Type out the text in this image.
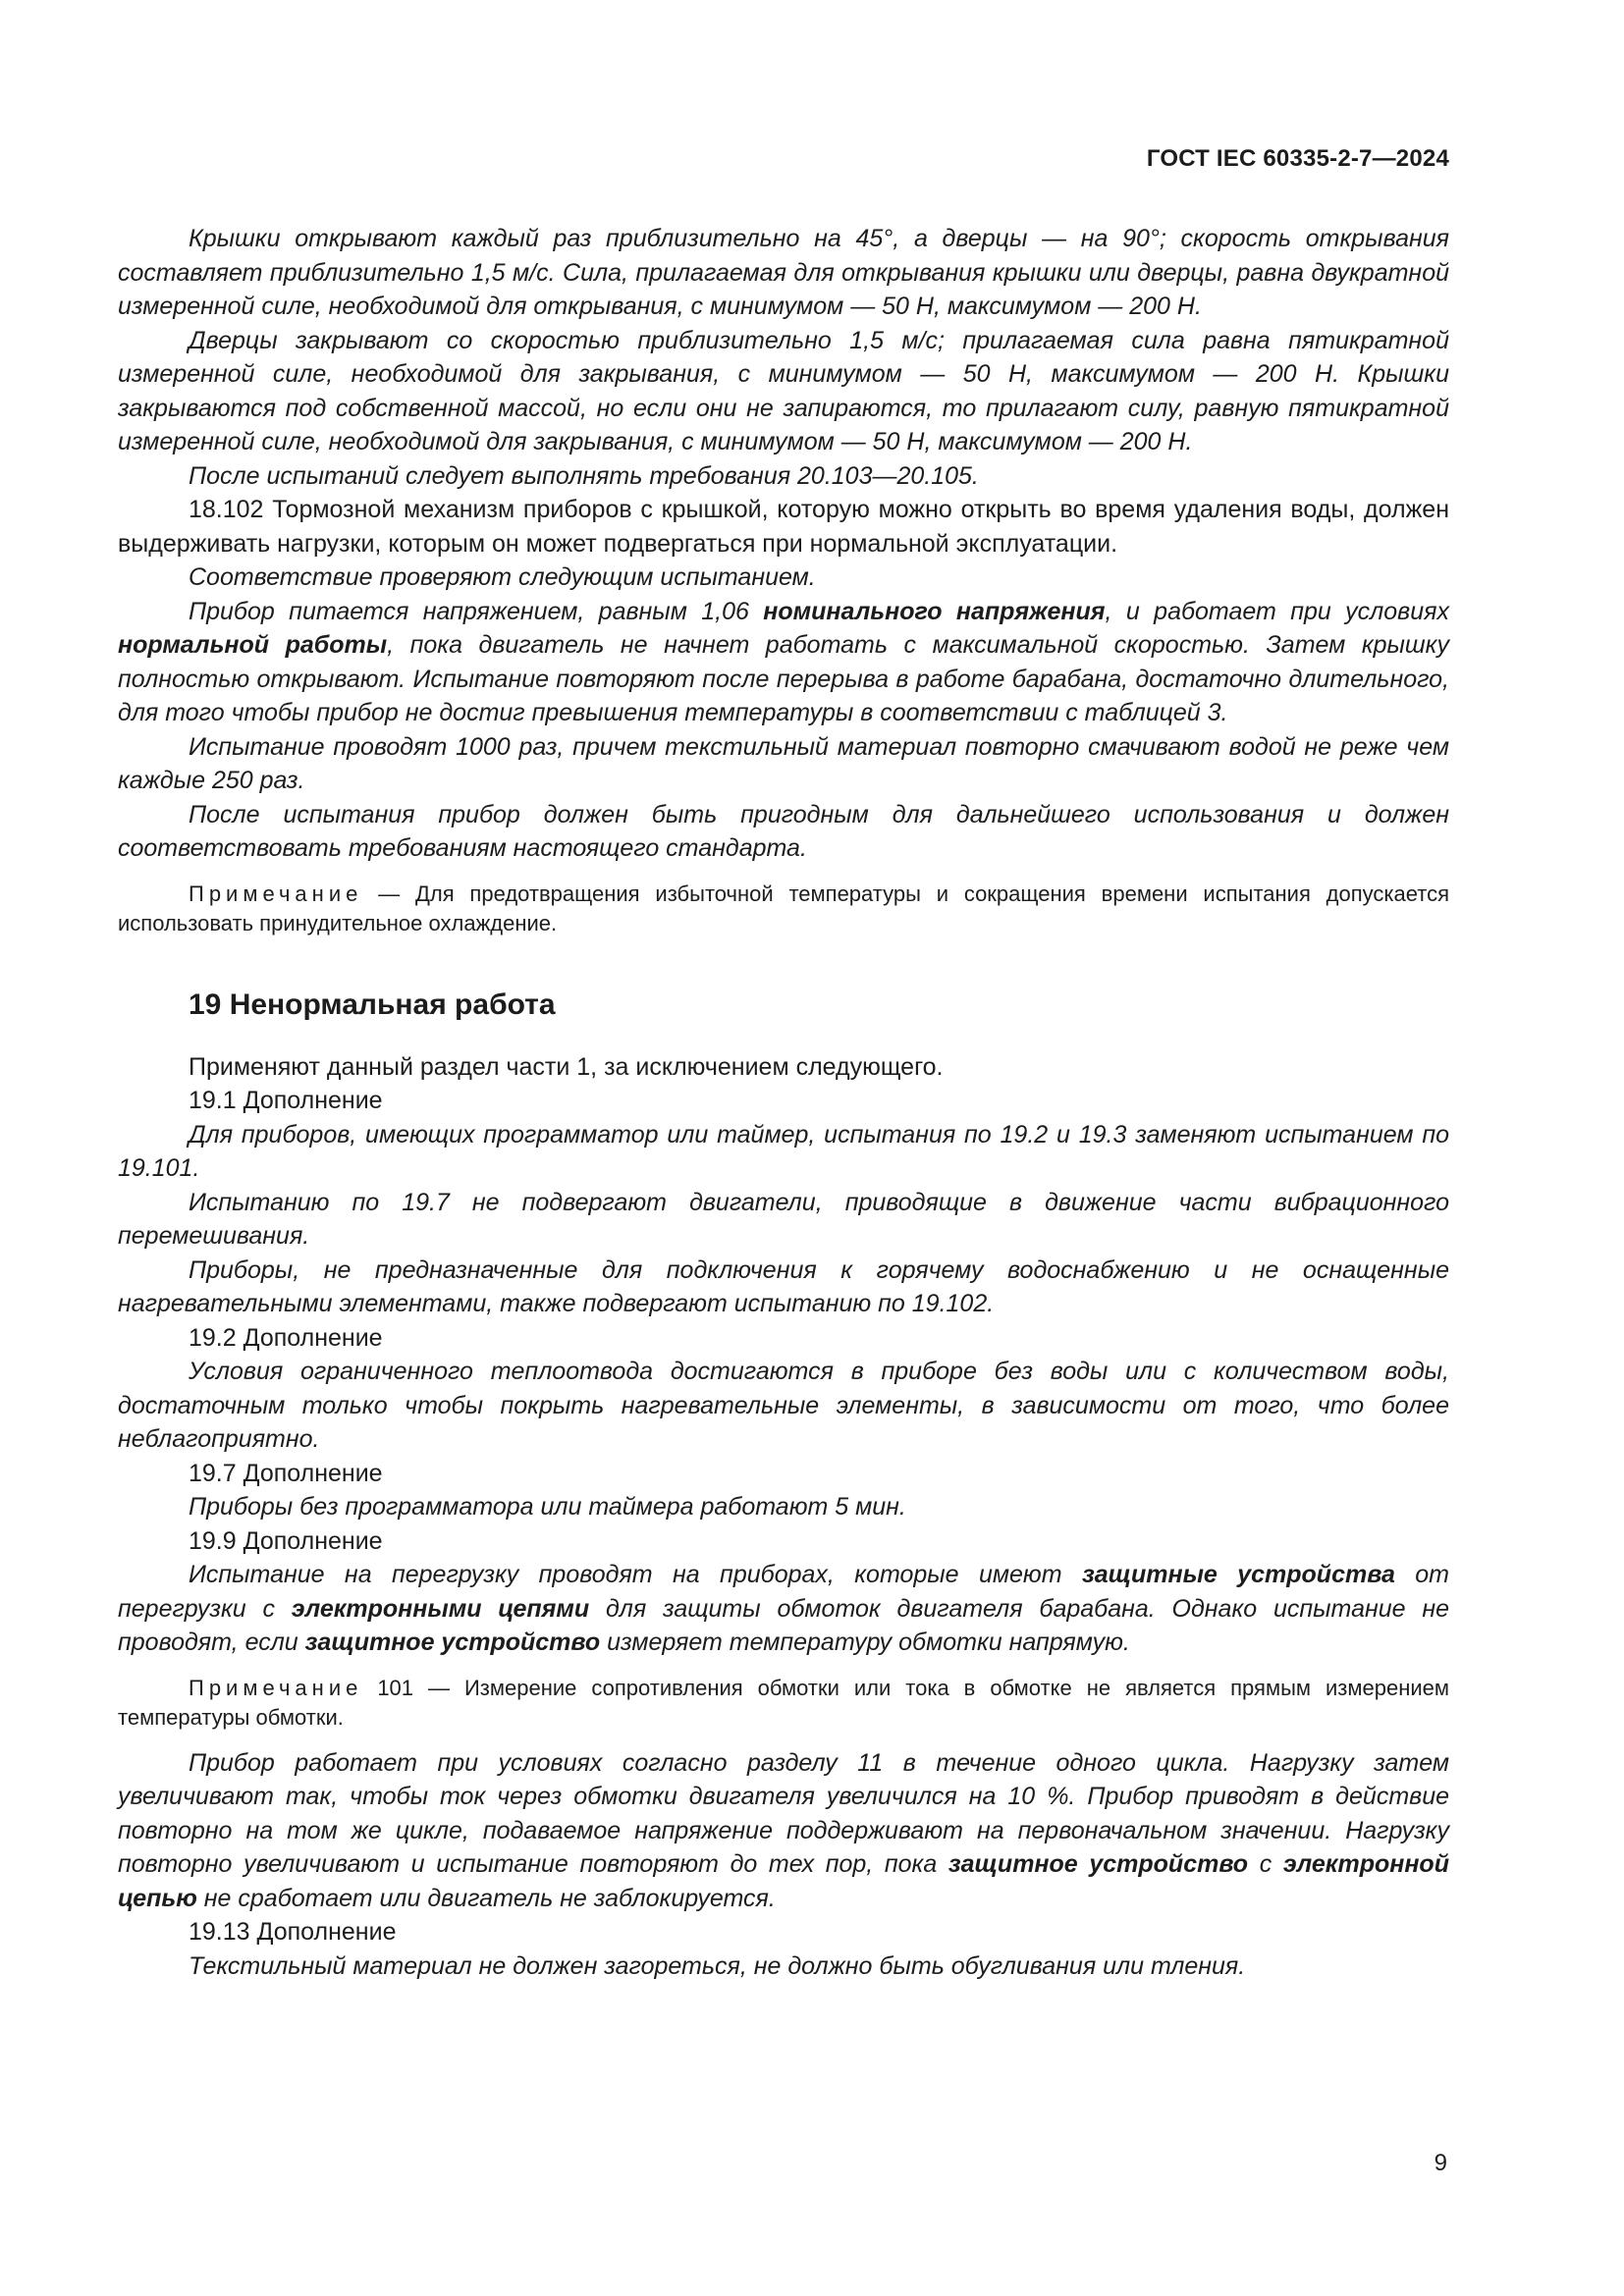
ГОСТ IEC 60335-2-7—2024

Крышки открывают каждый раз приблизительно на 45°, а дверцы — на 90°; скорость открывания составляет приблизительно 1,5 м/с. Сила, прилагаемая для открывания крышки или дверцы, равна двукратной измеренной силе, необходимой для открывания, с минимумом — 50 Н, максимумом — 200 Н.

Дверцы закрывают со скоростью приблизительно 1,5 м/с; прилагаемая сила равна пятикратной измеренной силе, необходимой для закрывания, с минимумом — 50 Н, максимумом — 200 Н. Крышки закрываются под собственной массой, но если они не запираются, то прилагают силу, равную пятикратной измеренной силе, необходимой для закрывания, с минимумом — 50 Н, максимумом — 200 Н.

После испытаний следует выполнять требования 20.103—20.105.

18.102 Тормозной механизм приборов с крышкой, которую можно открыть во время удаления воды, должен выдерживать нагрузки, которым он может подвергаться при нормальной эксплуатации.

Соответствие проверяют следующим испытанием.

Прибор питается напряжением, равным 1,06 номинального напряжения, и работает при условиях нормальной работы, пока двигатель не начнет работать с максимальной скоростью. Затем крышку полностью открывают. Испытание повторяют после перерыва в работе барабана, достаточно длительного, для того чтобы прибор не достиг превышения температуры в соответствии с таблицей 3.

Испытание проводят 1000 раз, причем текстильный материал повторно смачивают водой не реже чем каждые 250 раз.

После испытания прибор должен быть пригодным для дальнейшего использования и должен соответствовать требованиям настоящего стандарта.

Примечание — Для предотвращения избыточной температуры и сокращения времени испытания допускается использовать принудительное охлаждение.

19 Ненормальная работа

Применяют данный раздел части 1, за исключением следующего.

19.1 Дополнение

Для приборов, имеющих программатор или таймер, испытания по 19.2 и 19.3 заменяют испытанием по 19.101.

Испытанию по 19.7 не подвергают двигатели, приводящие в движение части вибрационного перемешивания.

Приборы, не предназначенные для подключения к горячему водоснабжению и не оснащенные нагревательными элементами, также подвергают испытанию по 19.102.

19.2 Дополнение

Условия ограниченного теплоотвода достигаются в приборе без воды или с количеством воды, достаточным только чтобы покрыть нагревательные элементы, в зависимости от того, что более неблагоприятно.

19.7 Дополнение

Приборы без программатора или таймера работают 5 мин.

19.9 Дополнение

Испытание на перегрузку проводят на приборах, которые имеют защитные устройства от перегрузки с электронными цепями для защиты обмоток двигателя барабана. Однако испытание не проводят, если защитное устройство измеряет температуру обмотки напрямую.

Примечание 101 — Измерение сопротивления обмотки или тока в обмотке не является прямым измерением температуры обмотки.

Прибор работает при условиях согласно разделу 11 в течение одного цикла. Нагрузку затем увеличивают так, чтобы ток через обмотки двигателя увеличился на 10 %. Прибор приводят в действие повторно на том же цикле, подаваемое напряжение поддерживают на первоначальном значении. Нагрузку повторно увеличивают и испытание повторяют до тех пор, пока защитное устройство с электронной цепью не сработает или двигатель не заблокируется.

19.13 Дополнение

Текстильный материал не должен загореться, не должно быть обугливания или тления.

9
